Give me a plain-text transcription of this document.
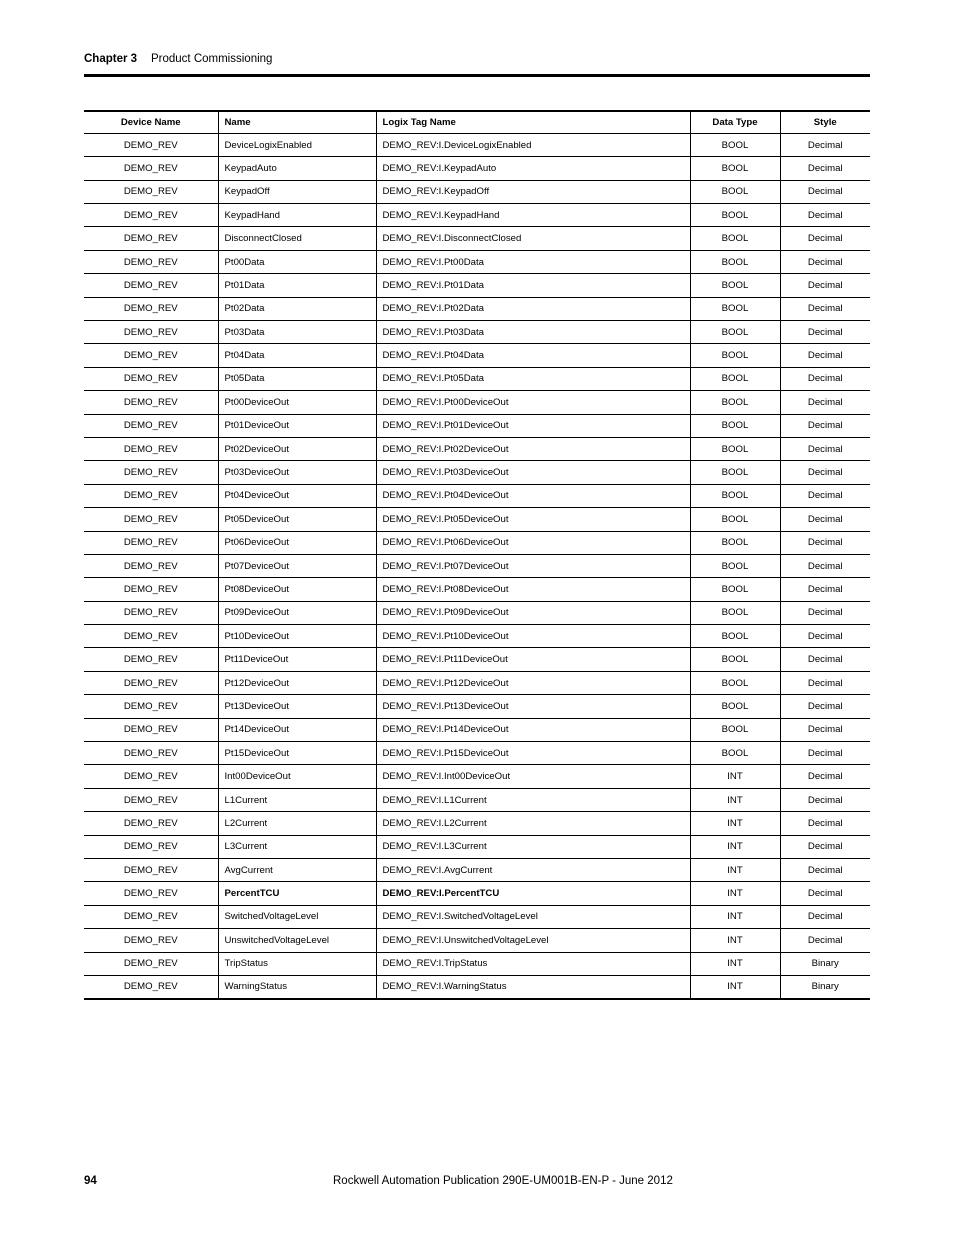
Chapter 3 Product Commissioning
Device Name	Name	Logix Tag Name	Data Type	Style
DEMO_REV	DeviceLogixEnabled	DEMO_REV:I.DeviceLogixEnabled	BOOL	Decimal
DEMO_REV	KeypadAuto	DEMO_REV:I.KeypadAuto	BOOL	Decimal
DEMO_REV	KeypadOff	DEMO_REV:I.KeypadOff	BOOL	Decimal
DEMO_REV	KeypadHand	DEMO_REV:I.KeypadHand	BOOL	Decimal
DEMO_REV	DisconnectClosed	DEMO_REV:I.DisconnectClosed	BOOL	Decimal
DEMO_REV	Pt00Data	DEMO_REV:I.Pt00Data	BOOL	Decimal
DEMO_REV	Pt01Data	DEMO_REV:I.Pt01Data	BOOL	Decimal
DEMO_REV	Pt02Data	DEMO_REV:I.Pt02Data	BOOL	Decimal
DEMO_REV	Pt03Data	DEMO_REV:I.Pt03Data	BOOL	Decimal
DEMO_REV	Pt04Data	DEMO_REV:I.Pt04Data	BOOL	Decimal
DEMO_REV	Pt05Data	DEMO_REV:I.Pt05Data	BOOL	Decimal
DEMO_REV	Pt00DeviceOut	DEMO_REV:I.Pt00DeviceOut	BOOL	Decimal
DEMO_REV	Pt01DeviceOut	DEMO_REV:I.Pt01DeviceOut	BOOL	Decimal
DEMO_REV	Pt02DeviceOut	DEMO_REV:I.Pt02DeviceOut	BOOL	Decimal
DEMO_REV	Pt03DeviceOut	DEMO_REV:I.Pt03DeviceOut	BOOL	Decimal
DEMO_REV	Pt04DeviceOut	DEMO_REV:I.Pt04DeviceOut	BOOL	Decimal
DEMO_REV	Pt05DeviceOut	DEMO_REV:I.Pt05DeviceOut	BOOL	Decimal
DEMO_REV	Pt06DeviceOut	DEMO_REV:I.Pt06DeviceOut	BOOL	Decimal
DEMO_REV	Pt07DeviceOut	DEMO_REV:I.Pt07DeviceOut	BOOL	Decimal
DEMO_REV	Pt08DeviceOut	DEMO_REV:I.Pt08DeviceOut	BOOL	Decimal
DEMO_REV	Pt09DeviceOut	DEMO_REV:I.Pt09DeviceOut	BOOL	Decimal
DEMO_REV	Pt10DeviceOut	DEMO_REV:I.Pt10DeviceOut	BOOL	Decimal
DEMO_REV	Pt11DeviceOut	DEMO_REV:I.Pt11DeviceOut	BOOL	Decimal
DEMO_REV	Pt12DeviceOut	DEMO_REV:I.Pt12DeviceOut	BOOL	Decimal
DEMO_REV	Pt13DeviceOut	DEMO_REV:I.Pt13DeviceOut	BOOL	Decimal
DEMO_REV	Pt14DeviceOut	DEMO_REV:I.Pt14DeviceOut	BOOL	Decimal
DEMO_REV	Pt15DeviceOut	DEMO_REV:I.Pt15DeviceOut	BOOL	Decimal
DEMO_REV	Int00DeviceOut	DEMO_REV:I.Int00DeviceOut	INT	Decimal
DEMO_REV	L1Current	DEMO_REV:I.L1Current	INT	Decimal
DEMO_REV	L2Current	DEMO_REV:I.L2Current	INT	Decimal
DEMO_REV	L3Current	DEMO_REV:I.L3Current	INT	Decimal
DEMO_REV	AvgCurrent	DEMO_REV:I.AvgCurrent	INT	Decimal
DEMO_REV	PercentTCU	DEMO_REV:I.PercentTCU	INT	Decimal
DEMO_REV	SwitchedVoltageLevel	DEMO_REV:I.SwitchedVoltageLevel	INT	Decimal
DEMO_REV	UnswitchedVoltageLevel	DEMO_REV:I.UnswitchedVoltageLevel	INT	Decimal
DEMO_REV	TripStatus	DEMO_REV:I.TripStatus	INT	Binary
DEMO_REV	WarningStatus	DEMO_REV:I.WarningStatus	INT	Binary
94	Rockwell Automation Publication 290E-UM001B-EN-P - June 2012
